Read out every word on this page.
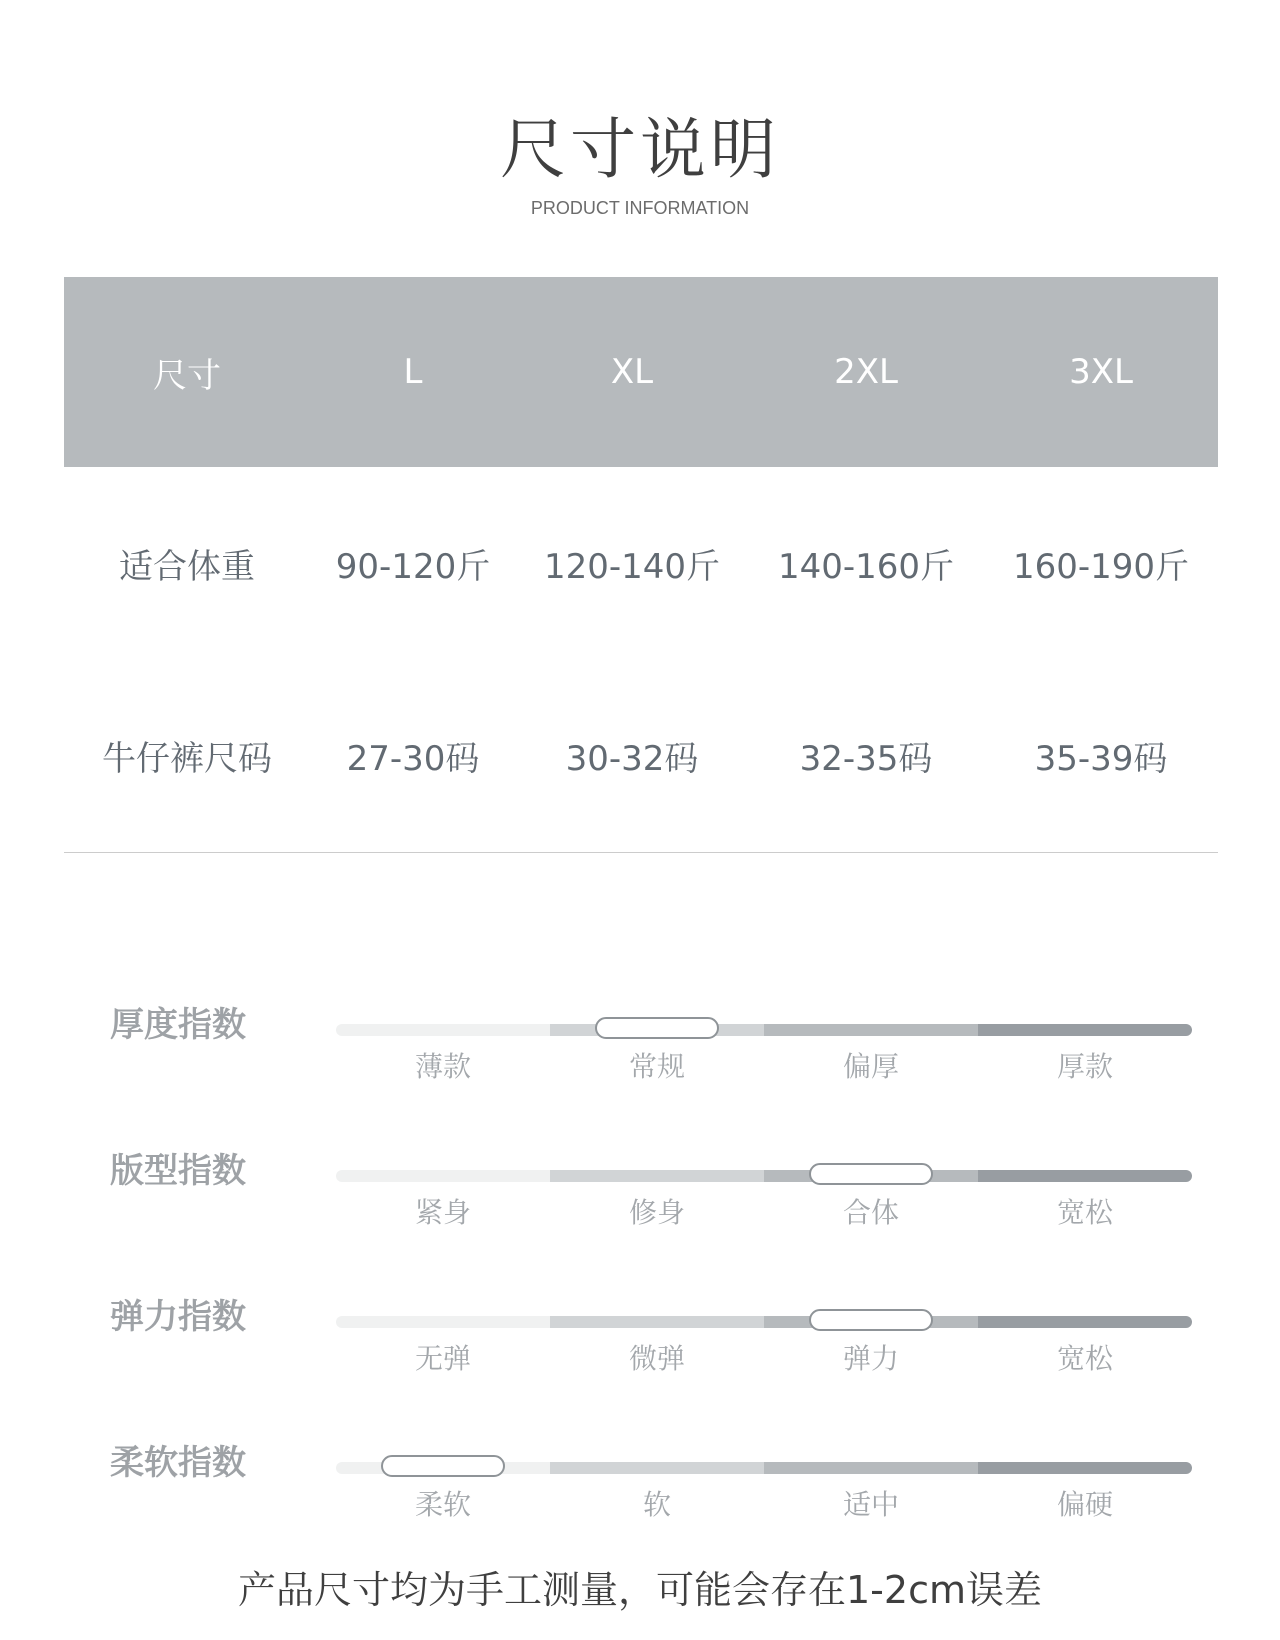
尺寸说明
PRODUCT INFORMATION
尺寸	L	XL	2XL	3XL
适合体重	90-120斤	120-140斤	140-160斤	160-190斤
牛仔裤尺码	27-30码	30-32码	32-35码	35-39码
厚度指数
薄款	常规	偏厚	厚款
版型指数
紧身	修身	合体	宽松
弹力指数
无弹	微弹	弹力	宽松
柔软指数
柔软	软	适中	偏硬
产品尺寸均为手工测量，可能会存在1-2cm误差
